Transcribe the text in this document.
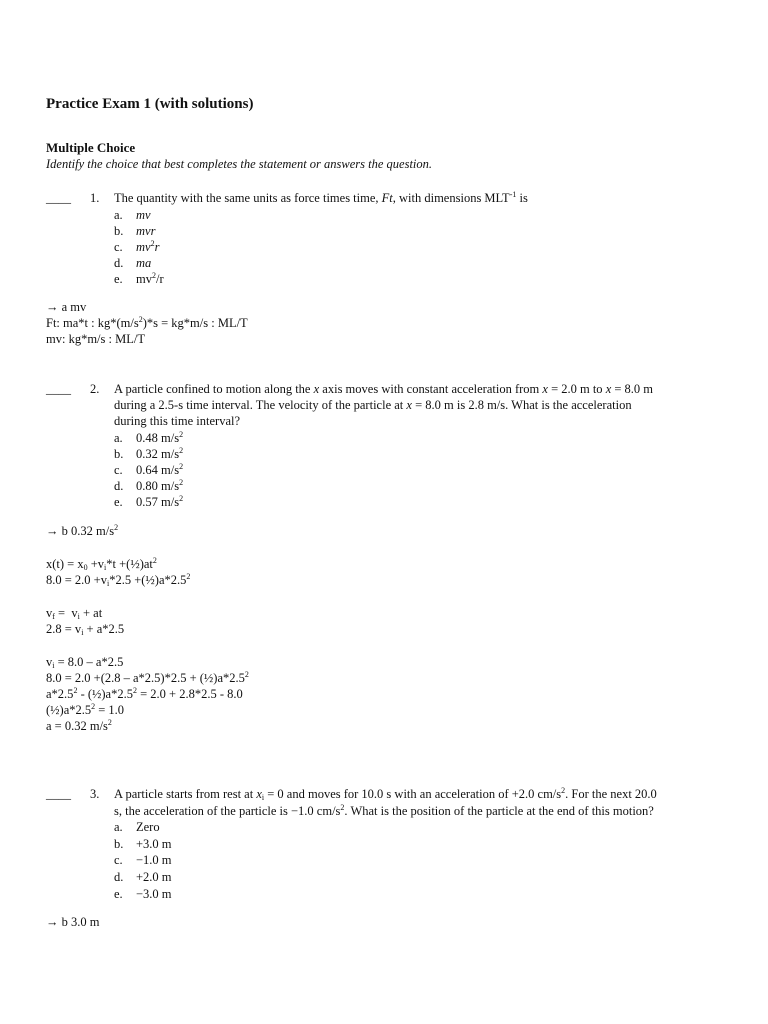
Practice Exam 1 (with solutions)
Multiple Choice
Identify the choice that best completes the statement or answers the question.
____ 1. The quantity with the same units as force times time, Ft, with dimensions $MLT^{-1}$ is
a. mv
b. mvr
c. $mv^2r$
d. ma
e. $mv^2/r$
→ a mv
Ft: ma*t : $kg*(m/s^2)*s = kg*m/s$ : ML/T
mv: kg*m/s : ML/T
____ 2. A particle confined to motion along the x axis moves with constant acceleration from x = 2.0 m to x = 8.0 m
during a 2.5-s time interval. The velocity of the particle at x = 8.0 m is 2.8 m/s. What is the acceleration
during this time interval?
a. 0.48 $m/s^2$
b. 0.32 $m/s^2$
c. 0.64 $m/s^2$
d. 0.80 $m/s^2$
e. 0.57 $m/s^2$
→ b 0.32 $m/s^2$
$x(t) = x_0 +v_i*t$ $+(\frac{1}{2})at^2$
$8.0 = 2.0 +v_i*2.5$ $+(\frac{1}{2})a*2.5^2$
$v_f = v_i$ + at
$2.8 = v_i + a*2.5$
$v_i = 8.0 - a*2.5$
$8.0 = 2.0 +(2.8 - a*2.5)*2.5 + (\frac{1}{2})a*2.5^2$
$a*2.5^2$ - $(\frac{1}{2})a*2.5^2 = 2.0 + 2.8*2.5 - 8.0$
$(\frac{1}{2})a*2.5^2 = 1.0$
a = 0.32 $m/s^2$
____ 3. A particle starts from rest at $x_i = 0$ and moves for 10.0 s with an acceleration of +2.0 $cm/s^2$. For the next 20.0
s, the acceleration of the particle is −1.0 $cm/s^2$. What is the position of the particle at the end of this motion?
a. Zero
b. +3.0 m
c. −1.0 m
d. +2.0 m
e. −3.0 m
→ b 3.0 m
